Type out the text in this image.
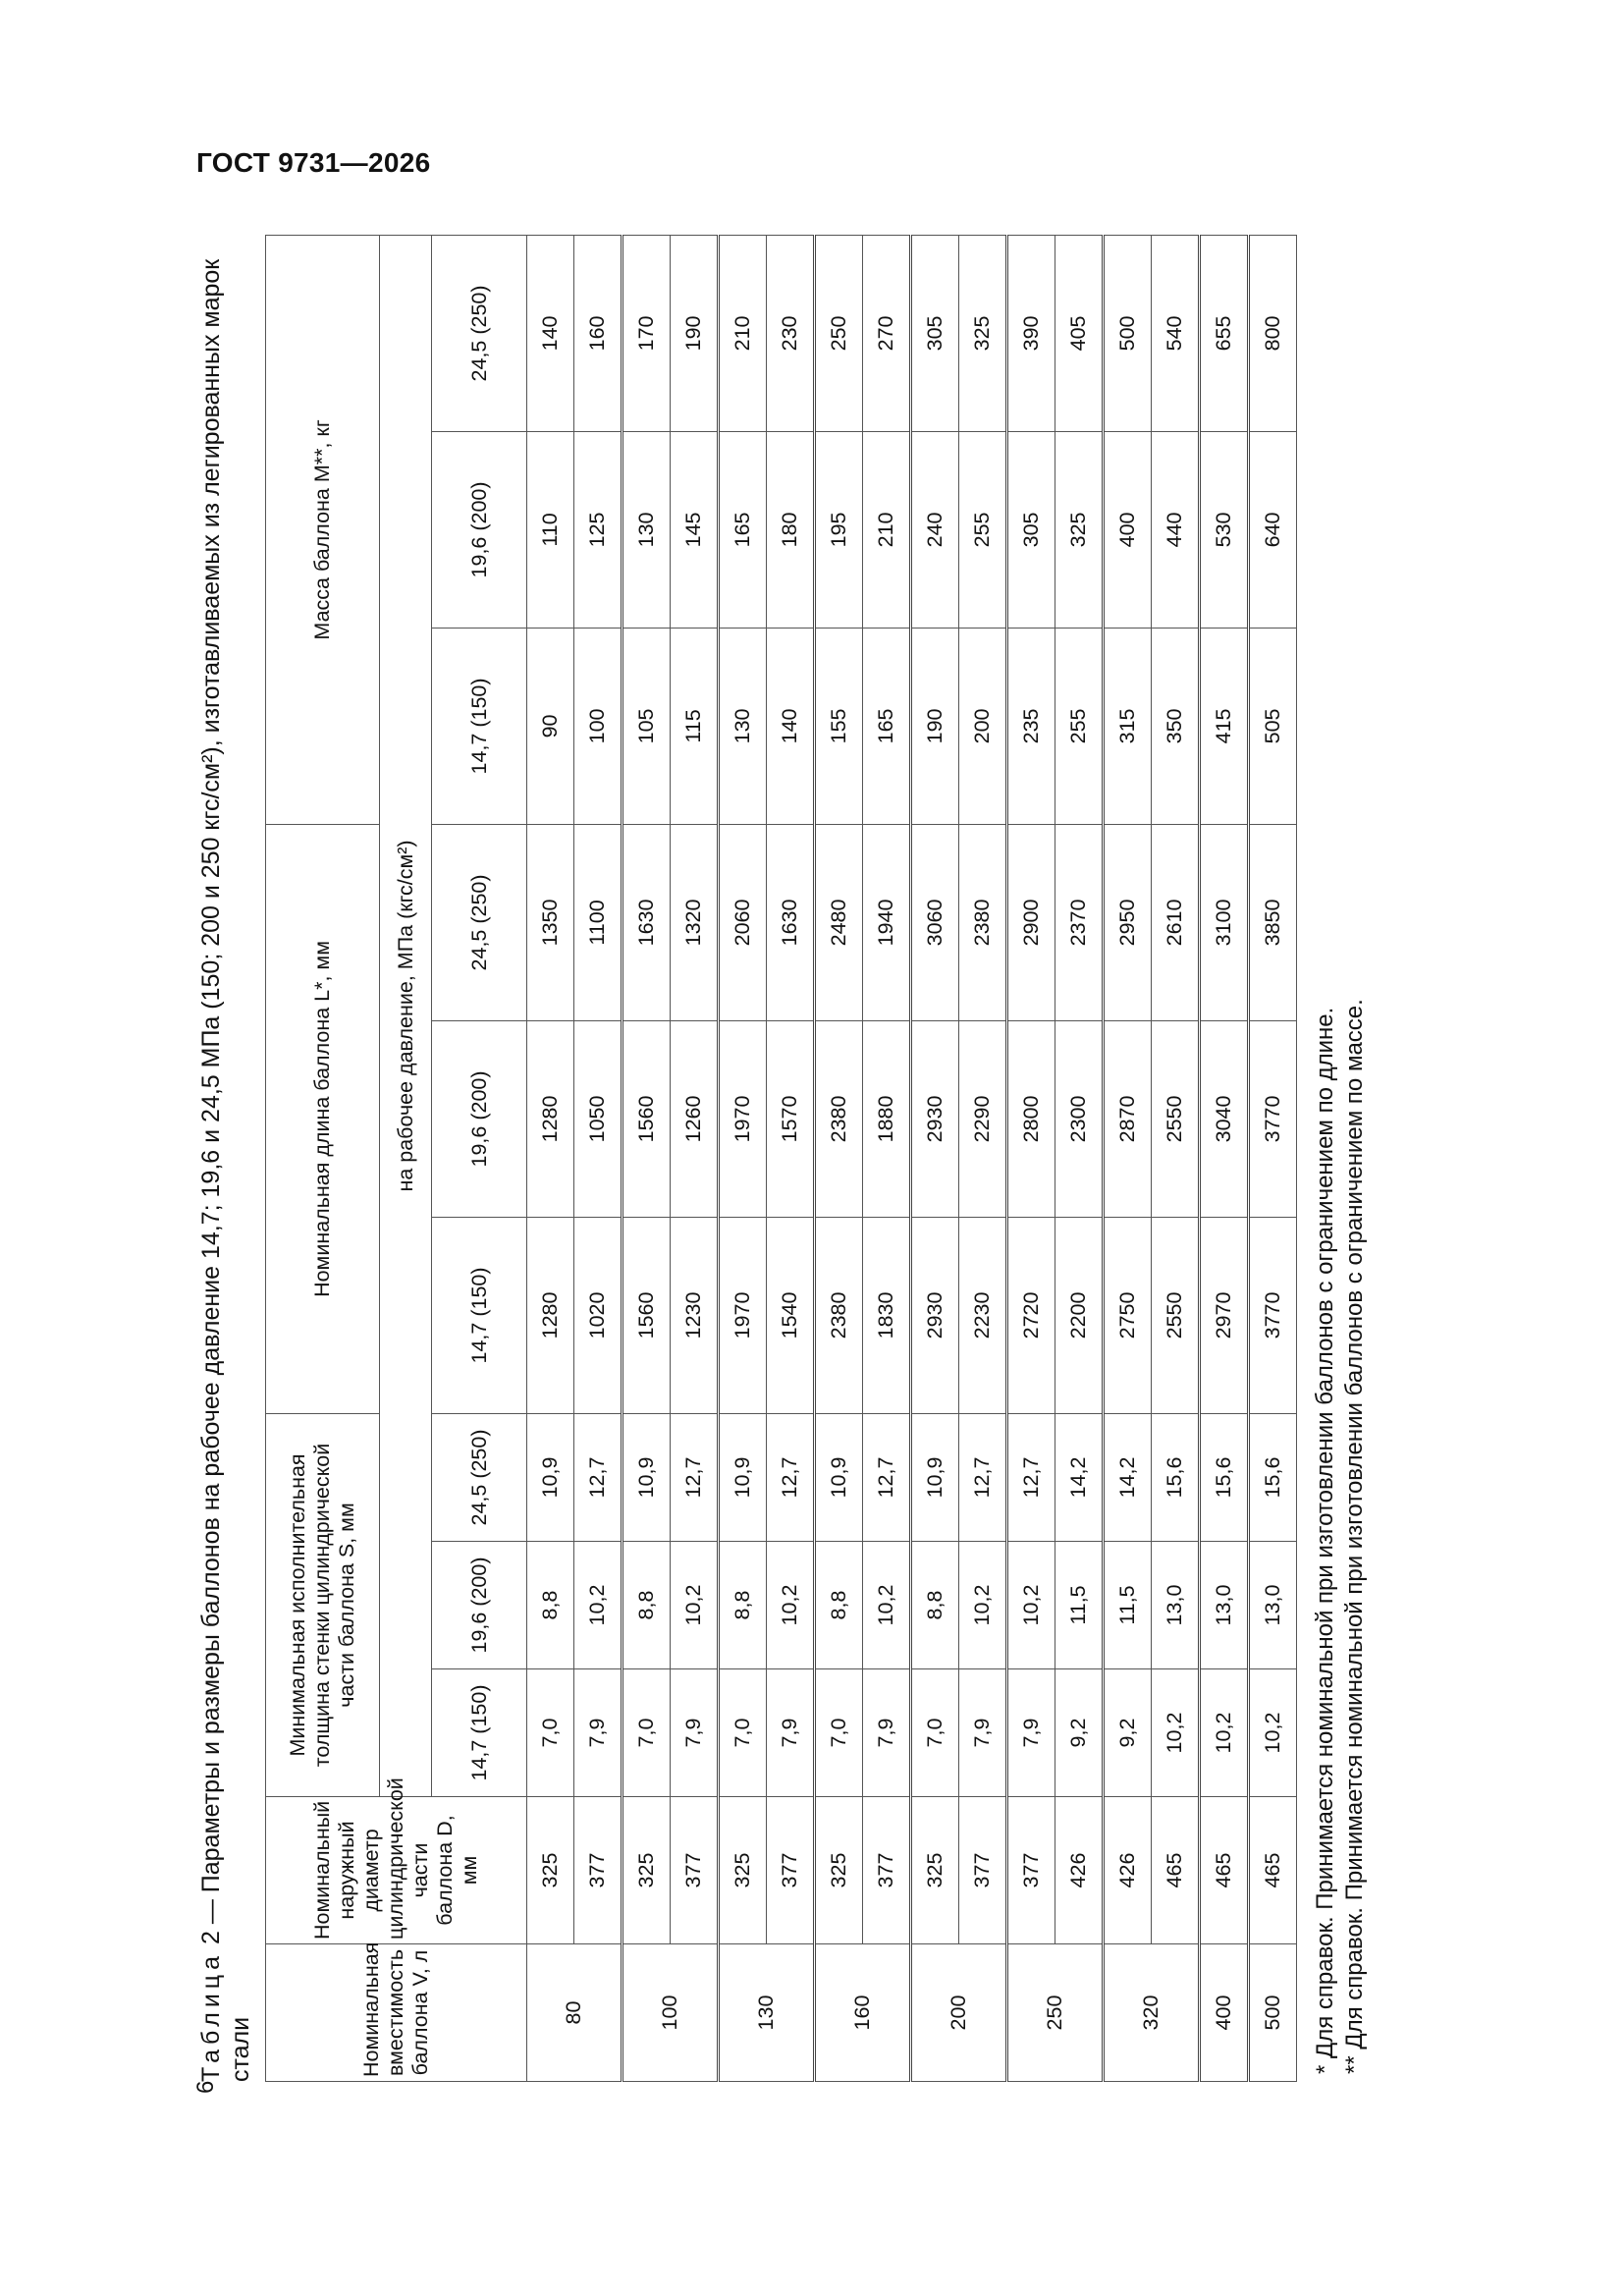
ГОСТ 9731—2026
6

Таблица 2 — Параметры и размеры баллонов на рабочее давление 14,7; 19,6 и 24,5 МПа (150; 200 и 250 кгс/см²), изготавливаемых из легированных марок стали	Номинальная вместимость баллона V, л	Номинальный наружный диаметр цилиндрической части баллона D, мм	Минимальная исполнительная толщина стенки цилиндрической части баллона S, мм			Номинальная длина баллона L*, мм			Масса баллона M**, кг		
		на рабочее давление, МПа (кгс/см²)								
		14,7 (150)	19,6 (200)	24,5 (250)	14,7 (150)	19,6 (200)	24,5 (250)	14,7 (150)	19,6 (200)	24,5 (250)
80	325	7,0	8,8	10,9	1280	1280	1350	90	110	140
	377	7,9	10,2	12,7	1020	1050	1100	100	125	160
100	325	7,0	8,8	10,9	1560	1560	1630	105	130	170
	377	7,9	10,2	12,7	1230	1260	1320	115	145	190
130	325	7,0	8,8	10,9	1970	1970	2060	130	165	210
	377	7,9	10,2	12,7	1540	1570	1630	140	180	230
160	325	7,0	8,8	10,9	2380	2380	2480	155	195	250
	377	7,9	10,2	12,7	1830	1880	1940	165	210	270
200	325	7,0	8,8	10,9	2930	2930	3060	190	240	305
	377	7,9	10,2	12,7	2230	2290	2380	200	255	325
250	377	7,9	10,2	12,7	2720	2800	2900	235	305	390
	426	9,2	11,5	14,2	2200	2300	2370	255	325	405
320	426	9,2	11,5	14,2	2750	2870	2950	315	400	500
	465	10,2	13,0	15,6	2550	2550	2610	350	440	540
400	465	10,2	13,0	15,6	2970	3040	3100	415	530	655
500	465	10,2	13,0	15,6	3770	3770	3850	505	640	800
* Для справок. Принимается номинальной при изготовлении баллонов с ограничением по длине. ** Для справок. Принимается номинальной при изготовлении баллонов с ограничением по массе.
